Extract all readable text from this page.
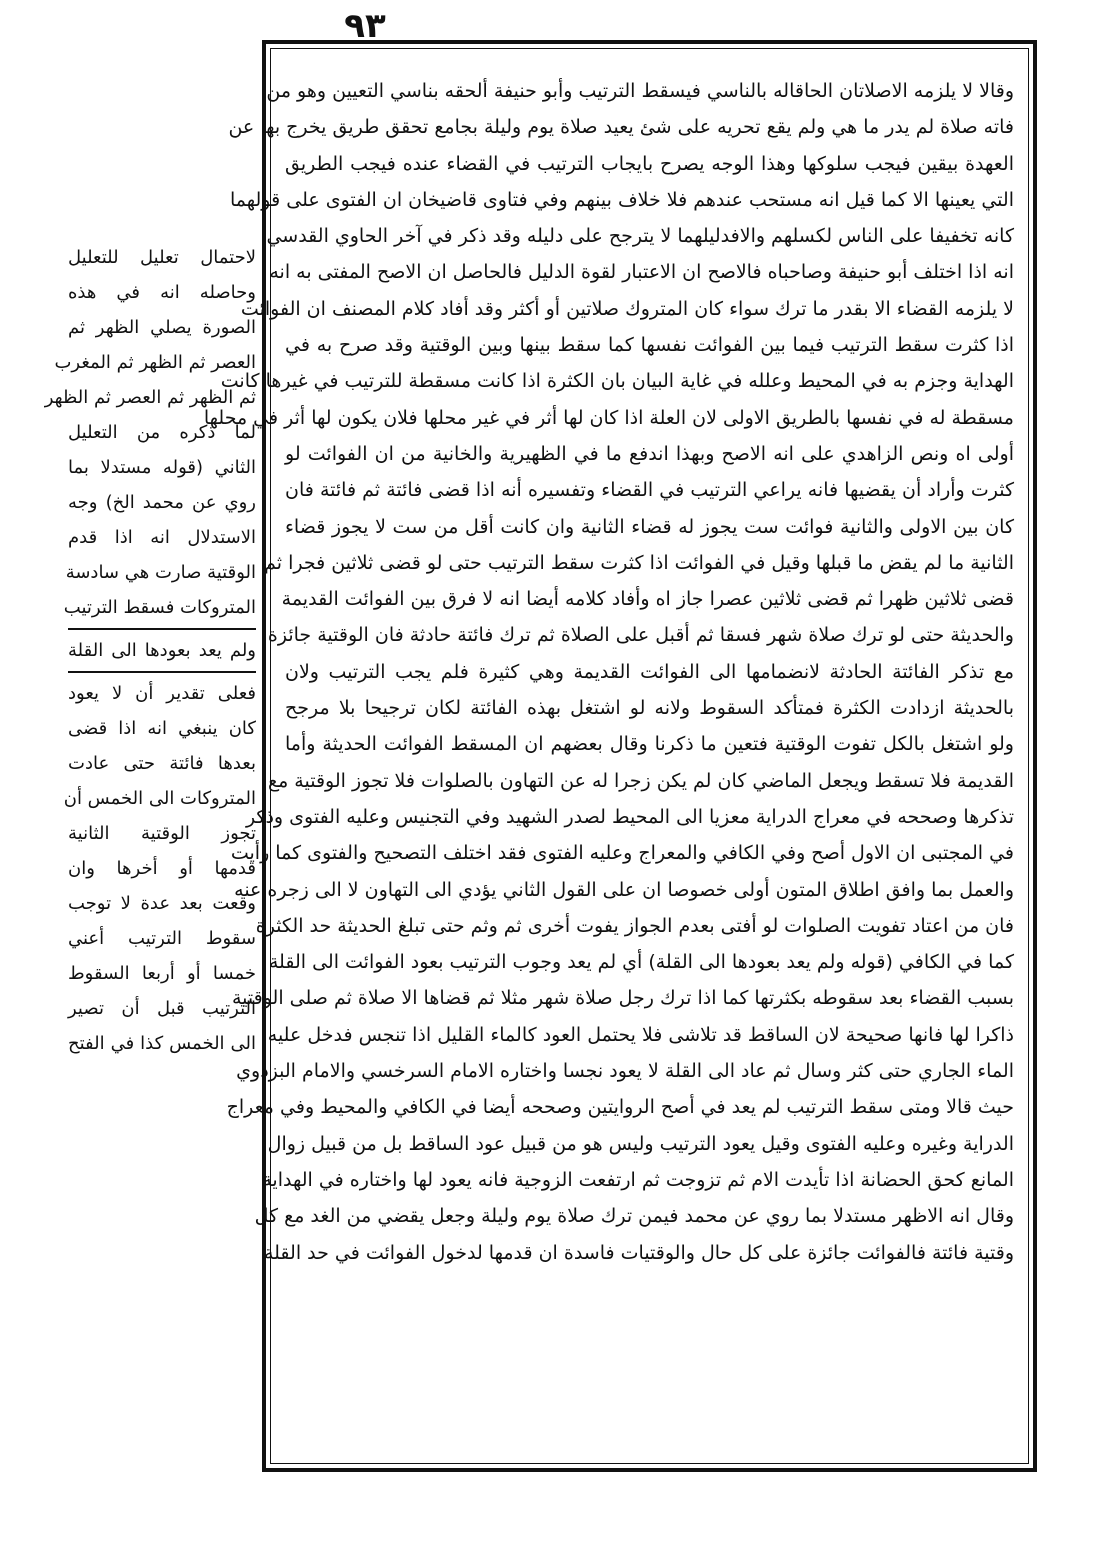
٩٣
وقالا لا يلزمه الاصلاتان الحاقاله بالناسي فيسقط الترتيب وأبو حنيفة ألحقه بناسي التعيين وهو من
فاته صلاة لم يدر ما هي ولم يقع تحريه على شئ يعيد صلاة يوم وليلة بجامع تحقق طريق يخرج بها عن
العهدة بيقين فيجب سلوكها وهذا الوجه يصرح بايجاب الترتيب في القضاء عنده فيجب الطريق
التي يعينها الا كما قيل انه مستحب عندهم فلا خلاف بينهم وفي فتاوى قاضيخان ان الفتوى على قولهما
كانه تخفيفا على الناس لكسلهم والافدليلهما لا يترجح على دليله وقد ذكر في آخر الحاوي القدسي
انه اذا اختلف أبو حنيفة وصاحباه فالاصح ان الاعتبار لقوة الدليل فالحاصل ان الاصح المفتى به انه
لا يلزمه القضاء الا بقدر ما ترك سواء كان المتروك صلاتين أو أكثر وقد أفاد كلام المصنف ان الفوائت
اذا كثرت سقط الترتيب فيما بين الفوائت نفسها كما سقط بينها وبين الوقتية وقد صرح به في
الهداية وجزم به في المحيط وعلله في غاية البيان بان الكثرة اذا كانت مسقطة للترتيب في غيرها كانت
مسقطة له في نفسها بالطريق الاولى لان العلة اذا كان لها أثر في غير محلها فلان يكون لها أثر في محلها
أولى اه ونص الزاهدي على انه الاصح وبهذا اندفع ما في الظهيرية والخانية من ان الفوائت لو
كثرت وأراد أن يقضيها فانه يراعي الترتيب في القضاء وتفسيره أنه اذا قضى فائتة ثم فائتة فان
كان بين الاولى والثانية فوائت ست يجوز له قضاء الثانية وان كانت أقل من ست لا يجوز قضاء
الثانية ما لم يقض ما قبلها وقيل في الفوائت اذا كثرت سقط الترتيب حتى لو قضى ثلاثين فجرا ثم
قضى ثلاثين ظهرا ثم قضى ثلاثين عصرا جاز اه وأفاد كلامه أيضا انه لا فرق بين الفوائت القديمة
والحديثة حتى لو ترك صلاة شهر فسقا ثم أقبل على الصلاة ثم ترك فائتة حادثة فان الوقتية جائزة
مع تذكر الفائتة الحادثة لانضمامها الى الفوائت القديمة وهي كثيرة فلم يجب الترتيب ولان
بالحديثة ازدادت الكثرة فمتأكد السقوط ولانه لو اشتغل بهذه الفائتة لكان ترجيحا بلا مرجح
ولو اشتغل بالكل تفوت الوقتية فتعين ما ذكرنا وقال بعضهم ان المسقط الفوائت الحديثة وأما
القديمة فلا تسقط ويجعل الماضي كان لم يكن زجرا له عن التهاون بالصلوات فلا تجوز الوقتية مع
تذكرها وصححه في معراج الدراية معزيا الى المحيط لصدر الشهيد وفي التجنيس وعليه الفتوى وذكر
في المجتبى ان الاول أصح وفي الكافي والمعراج وعليه الفتوى فقد اختلف التصحيح والفتوى كما رأيت
والعمل بما وافق اطلاق المتون أولى خصوصا ان على القول الثاني يؤدي الى التهاون لا الى زجره عنه
فان من اعتاد تفويت الصلوات لو أفتى بعدم الجواز يفوت أخرى ثم وثم حتى تبلغ الحديثة حد الكثرة
كما في الكافي (قوله ولم يعد بعودها الى القلة) أي لم يعد وجوب الترتيب بعود الفوائت الى القلة
بسبب القضاء بعد سقوطه بكثرتها كما اذا ترك رجل صلاة شهر مثلا ثم قضاها الا صلاة ثم صلى الوقتية
ذاكرا لها فانها صحيحة لان الساقط قد تلاشى فلا يحتمل العود كالماء القليل اذا تنجس فدخل عليه
الماء الجاري حتى كثر وسال ثم عاد الى القلة لا يعود نجسا واختاره الامام السرخسي والامام البزدوي
حيث قالا ومتى سقط الترتيب لم يعد في أصح الروايتين وصححه أيضا في الكافي والمحيط وفي معراج
الدراية وغيره وعليه الفتوى وقيل يعود الترتيب وليس هو من قبيل عود الساقط بل من قبيل زوال
المانع كحق الحضانة اذا تأيدت الام ثم تزوجت ثم ارتفعت الزوجية فانه يعود لها واختاره في الهداية
وقال انه الاظهر مستدلا بما روي عن محمد فيمن ترك صلاة يوم وليلة وجعل يقضي من الغد مع كل
وقتية فائتة فالفوائت جائزة على كل حال والوقتيات فاسدة ان قدمها لدخول الفوائت في حد القلة
لاحتمال تعليل للتعليل
وحاصله انه في هذه
الصورة يصلي الظهر ثم
العصر ثم الظهر ثم المغرب
ثم الظهر ثم العصر ثم الظهر
لما ذكره من التعليل
الثاني (قوله مستدلا بما
روي عن محمد الخ) وجه
الاستدلال انه اذا قدم
الوقتية صارت هي سادسة
المتروكات فسقط الترتيب
ولم يعد بعودها الى القلة
فعلى تقدير أن لا يعود
كان ينبغي انه اذا قضى
بعدها فائتة حتى عادت
المتروكات الى الخمس أن
تجوز الوقتية الثانية
قدمها أو أخرها وان
وقعت بعد عدة لا توجب
سقوط الترتيب أعني
خمسا أو أربعا السقوط
الترتيب قبل أن تصير
الى الخمس كذا في الفتح
